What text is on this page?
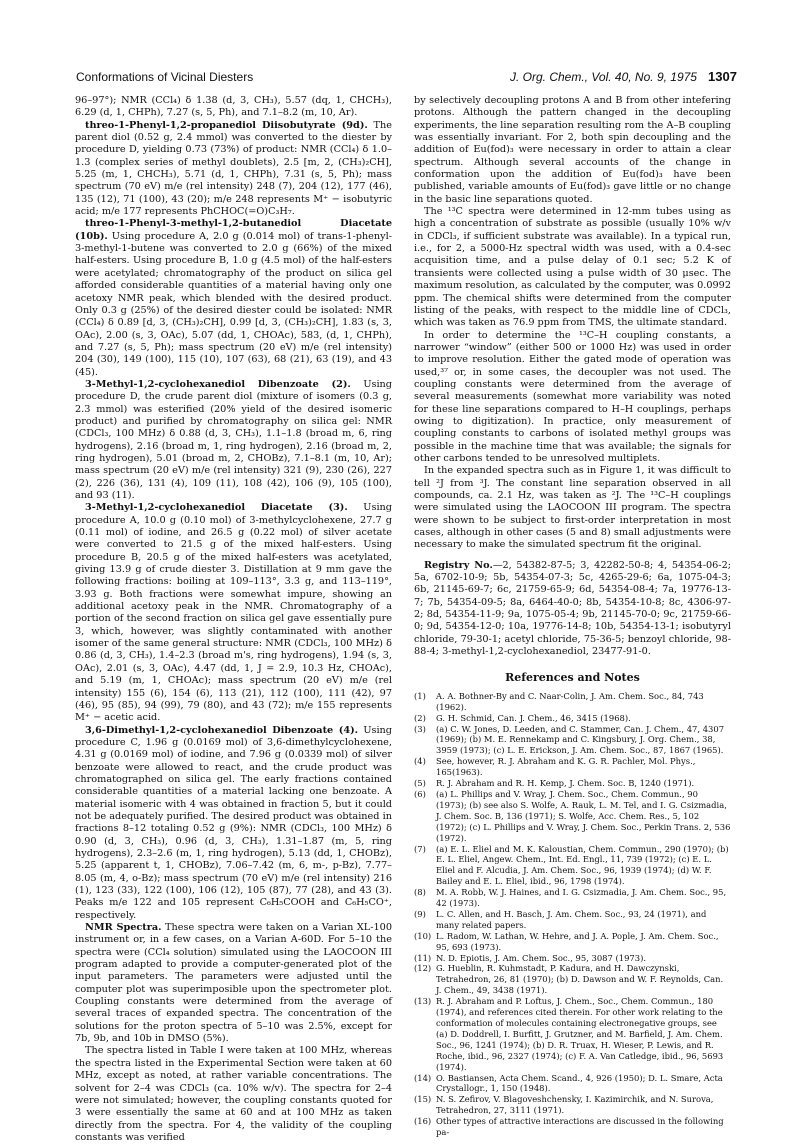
Conformations of Vicinal Diesters	J. Org. Chem., Vol. 40, No. 9, 1975 1307

96–97°); NMR (CCl₄) δ 1.38 (d, 3, CH₃), 5.57 (dq, 1, CHCH₃), 6.29 (d, 1, CHPh), 7.27 (s, 5, Ph), and 7.1–8.2 (m, 10, Ar).

threo-1-Phenyl-1,2-propanediol Diisobutyrate (9d). The parent diol (0.52 g, 2.4 mmol) was converted to the diester by procedure D, yielding 0.73 (73%) of product: NMR (CCl₄) δ 1.0–1.3 (complex series of methyl doublets), 2.5 [m, 2, (CH₃)₂CH], 5.25 (m, 1, CHCH₃), 5.71 (d, 1, CHPh), 7.31 (s, 5, Ph); mass spectrum (70 eV) m/e (rel intensity) 248 (7), 204 (12), 177 (46), 135 (12), 71 (100), 43 (20); m/e 248 represents M⁺ − isobutyric acid; m/e 177 represents PhCHOC(=O)C₃H₇.

threo-1-Phenyl-3-methyl-1,2-butanediol Diacetate (10b). Using procedure A, 2.0 g (0.014 mol) of trans-1-phenyl-3-methyl-1-butene was converted to 2.0 g (66%) of the mixed half-esters. Using procedure B, 1.0 g (4.5 mol) of the half-esters were acetylated; chromatography of the product on silica gel afforded considerable quantities of a material having only one acetoxy NMR peak, which blended with the desired product. Only 0.3 g (25%) of the desired diester could be isolated: NMR (CCl₄) δ 0.89 [d, 3, (CH₃)₂CH], 0.99 [d, 3, (CH₃)₂CH], 1.83 (s, 3, OAc), 2.00 (s, 3, OAc), 5.07 (dd, 1, CHOAc), 583, (d, 1, CHPh), and 7.27 (s, 5, Ph); mass spectrum (20 eV) m/e (rel intensity) 204 (30), 149 (100), 115 (10), 107 (63), 68 (21), 63 (19), and 43 (45).

3-Methyl-1,2-cyclohexanediol Dibenzoate (2). Using procedure D, the crude parent diol (mixture of isomers (0.3 g, 2.3 mmol) was esterified (20% yield of the desired isomeric product) and purified by chromatography on silica gel: NMR (CDCl₃, 100 MHz) δ 0.88 (d, 3, CH₃), 1.1–1.8 (broad m, 6, ring hydrogens), 2.16 (broad m, 1, ring hydrogen), 2.16 (broad m, 2, ring hydrogen), 5.01 (broad m, 2, CHOBz), 7.1–8.1 (m, 10, Ar); mass spectrum (20 eV) m/e (rel intensity) 321 (9), 230 (26), 227 (2), 226 (36), 131 (4), 109 (11), 108 (42), 106 (9), 105 (100), and 93 (11).

3-Methyl-1,2-cyclohexanediol Diacetate (3). Using procedure A, 10.0 g (0.10 mol) of 3-methylcyclohexene, 27.7 g (0.11 mol) of iodine, and 26.5 g (0.22 mol) of silver acetate were converted to 21.5 g of the mixed half-esters. Using procedure B, 20.5 g of the mixed half-esters was acetylated, giving 13.9 g of crude diester 3. Distillation at 9 mm gave the following fractions: boiling at 109–113°, 3.3 g, and 113–119°, 3.93 g. Both fractions were somewhat impure, showing an additional acetoxy peak in the NMR. Chromatography of a portion of the second fraction on silica gel gave essentially pure 3, which, however, was slightly contaminated with another isomer of the same general structure: NMR (CDCl₃, 100 MHz) δ 0.86 (d, 3, CH₃), 1.4–2.3 (broad m's, ring hydrogens), 1.94 (s, 3, OAc), 2.01 (s, 3, OAc), 4.47 (dd, 1, J = 2.9, 10.3 Hz, CHOAc), and 5.19 (m, 1, CHOAc); mass spectrum (20 eV) m/e (rel intensity) 155 (6), 154 (6), 113 (21), 112 (100), 111 (42), 97 (46), 95 (85), 94 (99), 79 (80), and 43 (72); m/e 155 represents M⁺ − acetic acid.

3,6-Dimethyl-1,2-cyclohexanediol Dibenzoate (4). Using procedure C, 1.96 g (0.0169 mol) of 3,6-dimethylcyclohexene, 4.31 g (0.0169 mol) of iodine, and 7.96 g (0.0339 mol) of silver benzoate were allowed to react, and the crude product was chromatographed on silica gel. The early fractions contained considerable quantities of a material lacking one benzoate. A material isomeric with 4 was obtained in fraction 5, but it could not be adequately purified. The desired product was obtained in fractions 8–12 totaling 0.52 g (9%): NMR (CDCl₃, 100 MHz) δ 0.90 (d, 3, CH₃), 0.96 (d, 3, CH₃), 1.31–1.87 (m, 5, ring hydrogens), 2.3–2.6 (m, 1, ring hydrogen), 5.13 (dd, 1, CHOBz), 5.25 (apparent t, 1, CHOBz), 7.06–7.42 (m, 6, m-, p-Bz), 7.77–8.05 (m, 4, o-Bz); mass spectrum (70 eV) m/e (rel intensity) 216 (1), 123 (33), 122 (100), 106 (12), 105 (87), 77 (28), and 43 (3). Peaks m/e 122 and 105 represent C₆H₅COOH and C₆H₅CO⁺, respectively.

NMR Spectra. These spectra were taken on a Varian XL-100 instrument or, in a few cases, on a Varian A-60D. For 5–10 the spectra were (CCl₄ solution) simulated using the LAOCOON III program adapted to provide a computer-generated plot of the input parameters. The parameters were adjusted until the computer plot was superimposible upon the spectrometer plot. Coupling constants were determined from the average of several traces of expanded spectra. The concentration of the solutions for the proton spectra of 5–10 was 2.5%, except for 7b, 9b, and 10b in DMSO (5%).

The spectra listed in Table I were taken at 100 MHz, whereas the spectra listed in the Experimental Section were taken at 60 MHz, except as noted, at rather variable concentrations. The solvent for 2–4 was CDCl₃ (ca. 10% w/v). The spectra for 2–4 were not simulated; however, the coupling constants quoted for 3 were essentially the same at 60 and at 100 MHz as taken directly from the spectra. For 4, the validity of the coupling constants was verified

by selectively decoupling protons A and B from other intefering protons. Although the pattern changed in the decoupling experiments, the line separation resulting rom the A–B coupling was essentially invariant. For 2, both spin decoupling and the addition of Eu(fod)₃ were necessary in order to attain a clear spectrum. Although several accounts of the change in conformation upon the addition of Eu(fod)₃ have been published, variable amounts of Eu(fod)₃ gave little or no change in the basic line separations quoted.

The ¹³C spectra were determined in 12-mm tubes using as high a concentration of substrate as possible (usually 10% w/v in CDCl₃, if sufficient substrate was available). In a typical run, i.e., for 2, a 5000-Hz spectral width was used, with a 0.4-sec acquisition time, and a pulse delay of 0.1 sec; 5.2 K of transients were collected using a pulse width of 30 μsec. The maximum resolution, as calculated by the computer, was 0.0992 ppm. The chemical shifts were determined from the computer listing of the peaks, with respect to the middle line of CDCl₃, which was taken as 76.9 ppm from TMS, the ultimate standard.

In order to determine the ¹³C–H coupling constants, a narrower “window” (either 500 or 1000 Hz) was used in order to improve resolution. Either the gated mode of operation was used,³⁷ or, in some cases, the decoupler was not used. The coupling constants were determined from the average of several measurements (somewhat more variability was noted for these line separations compared to H–H couplings, perhaps owing to digitization). In practice, only measurement of coupling constants to carbons of isolated methyl groups was possible in the machine time that was available; the signals for other carbons tended to be unresolved multiplets.

In the expanded spectra such as in Figure 1, it was difficult to tell ²J from ³J. The constant line separation observed in all compounds, ca. 2.1 Hz, was taken as ²J. The ¹³C–H couplings were simulated using the LAOCOON III program. The spectra were shown to be subject to first-order interpretation in most cases, although in other cases (5 and 8) small adjustments were necessary to make the simulated spectrum fit the original.

Registry No.—2, 54382-87-5; 3, 42282-50-8; 4, 54354-06-2; 5a, 6702-10-9; 5b, 54354-07-3; 5c, 4265-29-6; 6a, 1075-04-3; 6b, 21145-69-7; 6c, 21759-65-9; 6d, 54354-08-4; 7a, 19776-13-7; 7b, 54354-09-5; 8a, 6464-40-0; 8b, 54354-10-8; 8c, 4306-97-2; 8d, 54354-11-9; 9a, 1075-05-4; 9b, 21145-70-0; 9c, 21759-66-0; 9d, 54354-12-0; 10a, 19776-14-8; 10b, 54354-13-1; isobutyryl chloride, 79-30-1; acetyl chloride, 75-36-5; benzoyl chloride, 98-88-4; 3-methyl-1,2-cyclohexanediol, 23477-91-0.

References and Notes
(1) A. A. Bothner-By and C. Naar-Colin, J. Am. Chem. Soc., 84, 743 (1962).
(2) G. H. Schmid, Can. J. Chem., 46, 3415 (1968).
(3) (a) C. W. Jones, D. Leeden, and C. Stammer, Can. J. Chem., 47, 4307 (1969); (b) M. E. Rennekamp and C. Kingsbury, J. Org. Chem., 38, 3959 (1973); (c) L. E. Erickson, J. Am. Chem. Soc., 87, 1867 (1965).
(4) See, however, R. J. Abraham and K. G. R. Pachler, Mol. Phys., 165(1963).
(5) R. J. Abraham and R. H. Kemp, J. Chem. Soc. B, 1240 (1971).
(6) (a) L. Phillips and V. Wray, J. Chem. Soc., Chem. Commun., 90 (1973); (b) see also S. Wolfe, A. Rauk, L. M. Tel, and I. G. Csizmadia, J. Chem. Soc. B, 136 (1971); S. Wolfe, Acc. Chem. Res., 5, 102 (1972); (c) L. Phillips and V. Wray, J. Chem. Soc., Perkin Trans. 2, 536 (1972).
(7) (a) E. L. Eliel and M. K. Kaloustian, Chem. Commun., 290 (1970); (b) E. L. Eliel, Angew. Chem., Int. Ed. Engl., 11, 739 (1972); (c) E. L. Eliel and F. Alcudia, J. Am. Chem. Soc., 96, 1939 (1974); (d) W. F. Bailey and E. L. Eliel, ibid., 96, 1798 (1974).
(8) M. A. Robb, W. J. Haines, and I. G. Csizmadia, J. Am. Chem. Soc., 95, 42 (1973).
(9) L. C. Allen, and H. Basch, J. Am. Chem. Soc., 93, 24 (1971), and many related papers.
(10) L. Radom, W. Lathan, W. Hehre, and J. A. Pople, J. Am. Chem. Soc., 95, 693 (1973).
(11) N. D. Epiotis, J. Am. Chem. Soc., 95, 3087 (1973).
(12) G. Hueblin, R. Kuhmstadt, P. Kadura, and H. Dawczynski, Tetrahedron, 26, 81 (1970); (b) D. Dawson and W. F. Reynolds, Can. J. Chem., 49, 3438 (1971).
(13) R. J. Abraham and P. Loftus, J. Chem., Soc., Chem. Commun., 180 (1974), and references cited therein. For other work relating to the conformation of molecules containing electronegative groups, see (a) D. Doddrell, I. Burfitt, J. Grutzner, and M. Barfield, J. Am. Chem. Soc., 96, 1241 (1974); (b) D. R. Truax, H. Wieser, P. Lewis, and R. Roche, ibid., 96, 2327 (1974); (c) F. A. Van Catledge, ibid., 96, 5693 (1974).
(14) O. Bastiansen, Acta Chem. Scand., 4, 926 (1950); D. L. Smare, Acta Crystallogr., 1, 150 (1948).
(15) N. S. Zefirov, V. Blagoveshchensky, I. Kazimirchik, and N. Surova, Tetrahedron, 27, 3111 (1971).
(16) Other types of attractive interactions are discussed in the following pa-
